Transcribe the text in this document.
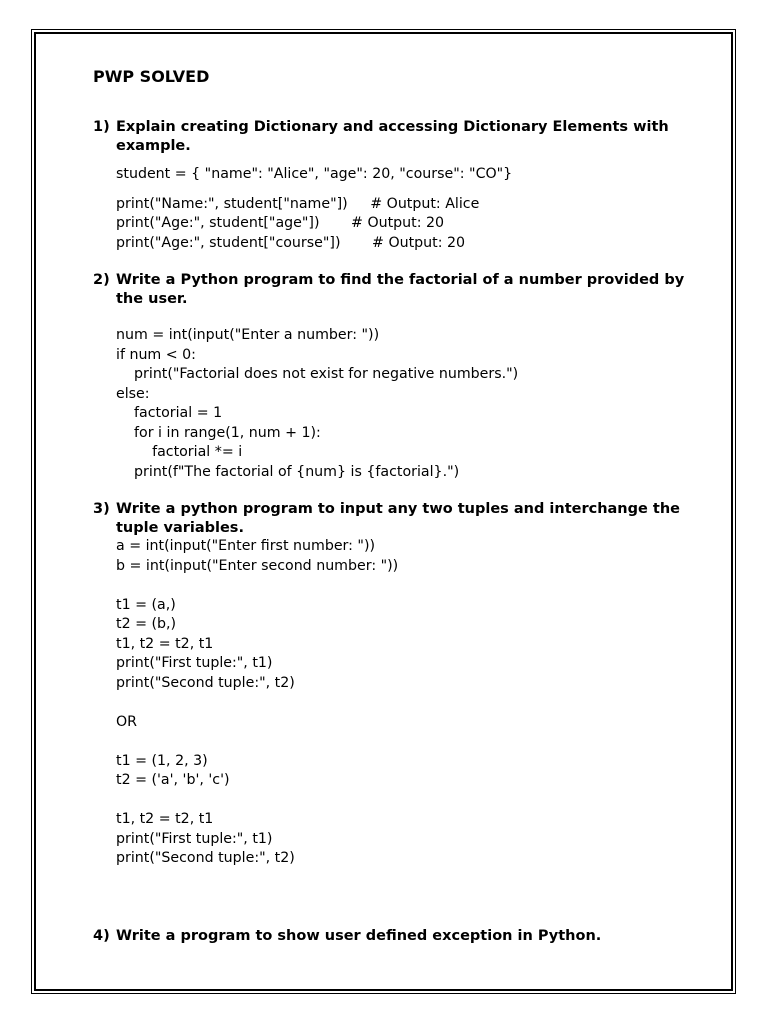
PWP SOLVED
1) Explain creating Dictionary and accessing Dictionary Elements with example.
student = { "name": "Alice", "age": 20, "course": "CO"}
print("Name:", student["name"])     # Output: Alice
print("Age:", student["age"])       # Output: 20
print("Age:", student["course"])       # Output: 20
2) Write a Python program to find the factorial of a number provided by the user.
num = int(input("Enter a number: "))
if num < 0:
print("Factorial does not exist for negative numbers.")
else:
factorial = 1
for i in range(1, num + 1):
factorial *= i
print(f"The factorial of {num} is {factorial}.")
3) Write a python program to input any two tuples and interchange the tuple variables.
a = int(input("Enter first number: "))
b = int(input("Enter second number: "))

t1 = (a,)
t2 = (b,)
t1, t2 = t2, t1
print("First tuple:", t1)
print("Second tuple:", t2)

OR

t1 = (1, 2, 3)
t2 = ('a', 'b', 'c')

t1, t2 = t2, t1
print("First tuple:", t1)
print("Second tuple:", t2)
4) Write a program to show user defined exception in Python.
